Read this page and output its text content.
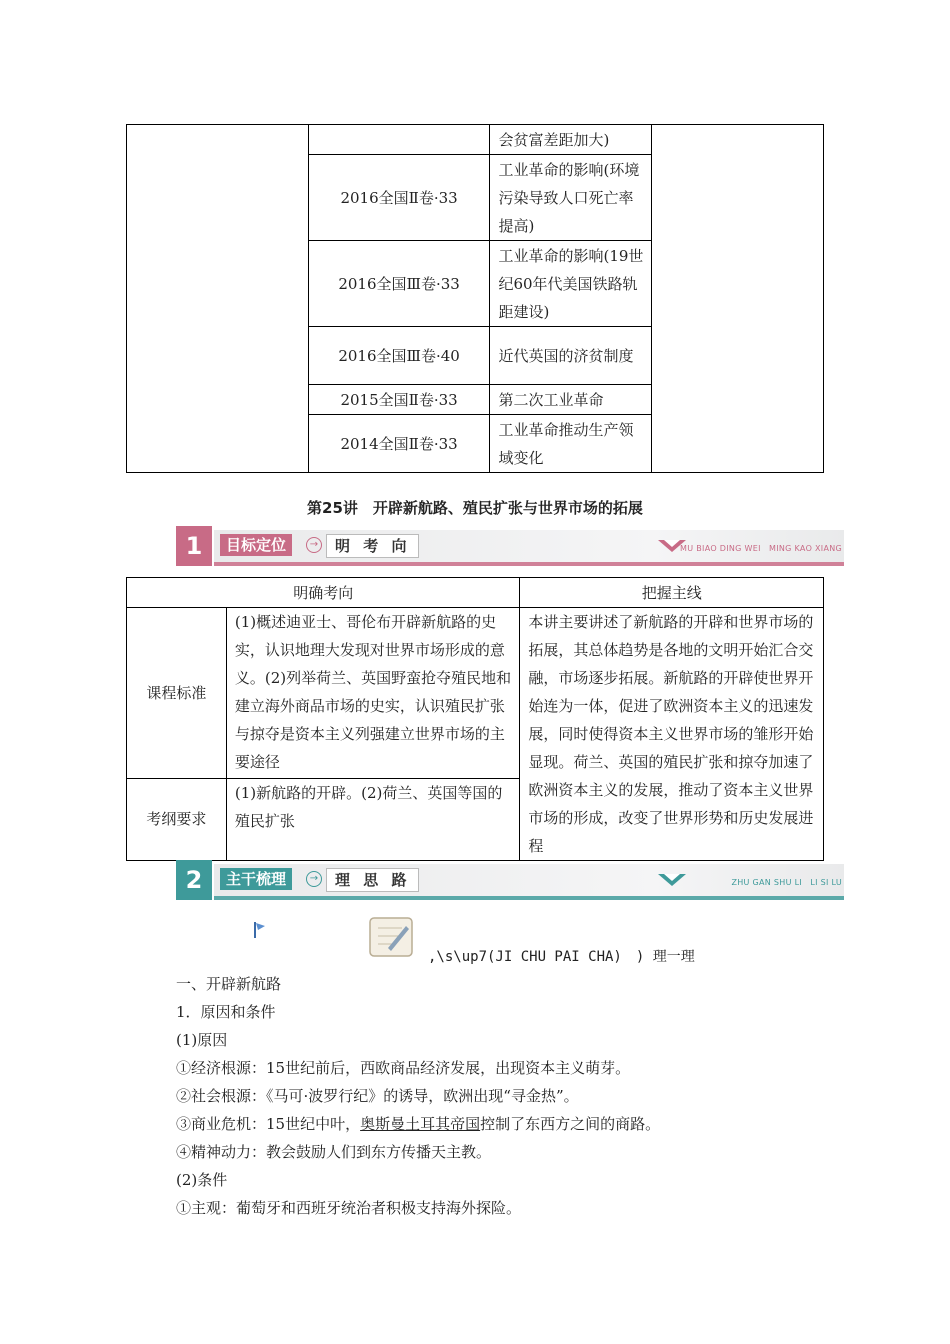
		会贫富差距加大)	
	2016全国Ⅱ卷·33	工业革命的影响(环境污染导致人口死亡率提高)	
	2016全国Ⅲ卷·33	工业革命的影响(19世纪60年代美国铁路轨距建设)	
	2016全国Ⅲ卷·40	近代英国的济贫制度	
	2015全国Ⅱ卷·33	第二次工业革命	
	2014全国Ⅱ卷·33	工业革命推动生产领域变化	
第25讲　开辟新航路、殖民扩张与世界市场的拓展
1	目标定位	→	明 考 向	MU BIAO DING WEI　MING KAO XIANG
明确考向		把握主线
课程标准	(1)概述迪亚士、哥伦布开辟新航路的史实，认识地理大发现对世界市场形成的意义。(2)列举荷兰、英国野蛮抢夺殖民地和建立海外商品市场的史实，认识殖民扩张与掠夺是资本主义列强建立世界市场的主要途径	本讲主要讲述了新航路的开辟和世界市场的拓展，其总体趋势是各地的文明开始汇合交融，市场逐步拓展。新航路的开辟使世界开始连为一体，促进了欧洲资本主义的迅速发展，同时使得资本主义世界市场的雏形开始显现。荷兰、英国的殖民扩张和掠夺加速了欧洲资本主义的发展，推动了资本主义世界市场的形成，改变了世界形势和历史发展进程
考纲要求	(1)新航路的开辟。(2)荷兰、英国等国的殖民扩张	
2	主干梳理	→	理 思 路	ZHU GAN SHU LI　LI SI LU
,\s\up7(JI CHU PAI CHA)　) 理一理
一、开辟新航路
1．原因和条件
(1)原因
①经济根源：15世纪前后，西欧商品经济发展，出现资本主义萌芽。
②社会根源：《马可·波罗行纪》的诱导，欧洲出现“寻金热”。
③商业危机：15世纪中叶，奥斯曼土耳其帝国控制了东西方之间的商路。
④精神动力：教会鼓励人们到东方传播天主教。
(2)条件
①主观：葡萄牙和西班牙统治者积极支持海外探险。
